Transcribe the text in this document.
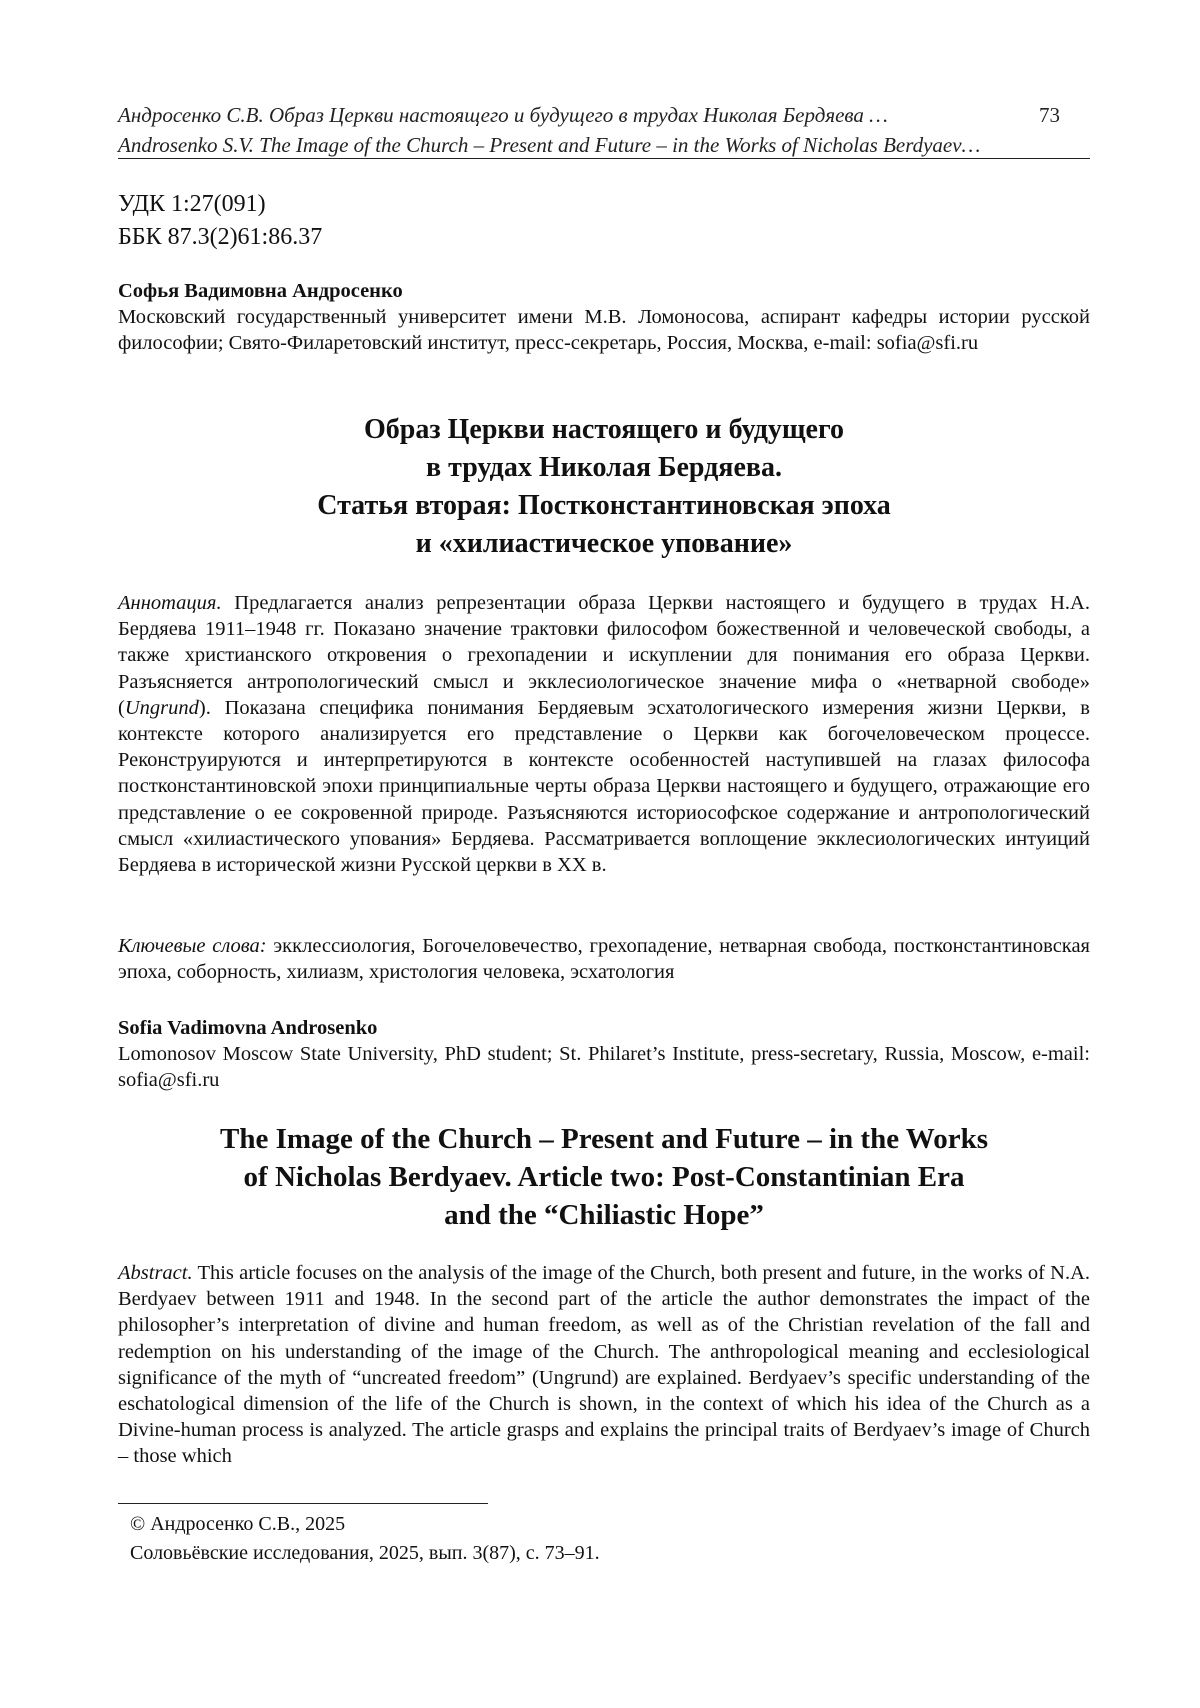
Андросенко С.В. Образ Церкви настоящего и будущего в трудах Николая Бердяева …	73
Androsenko S.V. The Image of the Church – Present and Future – in the Works of Nicholas Berdyaev…
УДК 1:27(091)
ББК 87.3(2)61:86.37
Софья Вадимовна Андросенко
Московский государственный университет имени М.В. Ломоносова, аспирант кафедры истории русской философии; Свято-Филаретовский институт, пресс-секретарь, Россия, Москва, e-mail: sofia@sfi.ru
Образ Церкви настоящего и будущего
в трудах Николая Бердяева.
Статья вторая: Постконстантиновская эпоха
и «хилиастическое упование»
Аннотация. Предлагается анализ репрезентации образа Церкви настоящего и будущего в трудах Н.А. Бердяева 1911–1948 гг. Показано значение трактовки философом божественной и человеческой свободы, а также христианского откровения о грехопадении и искуплении для понимания его образа Церкви. Разъясняется антропологический смысл и экклесиологическое значение мифа о «нетварной свободе» (Ungrund). Показана специфика понимания Бердяевым эсхатологического измерения жизни Церкви, в контексте которого анализируется его представление о Церкви как богочеловеческом процессе. Реконструируются и интерпретируются в контексте особенностей наступившей на глазах философа постконстантиновской эпохи принципиальные черты образа Церкви настоящего и будущего, отражающие его представление о ее сокровенной природе. Разъясняются историософское содержание и антропологический смысл «хилиастического упования» Бердяева. Рассматривается воплощение экклесиологических интуиций Бердяева в исторической жизни Русской церкви в XX в.
Ключевые слова: экклессиология, Богочеловечество, грехопадение, нетварная свобода, постконстантиновская эпоха, соборность, хилиазм, христология человека, эсхатология
Sofia Vadimovna Androsenko
Lomonosov Moscow State University, PhD student; St. Philaret’s Institute, press-secretary, Russia, Moscow, e-mail: sofia@sfi.ru
The Image of the Church – Present and Future – in the Works
of Nicholas Berdyaev. Article two: Post-Constantinian Era
and the “Chiliastic Hope”
Abstract. This article focuses on the analysis of the image of the Church, both present and future, in the works of N.A. Berdyaev between 1911 and 1948. In the second part of the article the author demonstrates the impact of the philosopher’s interpretation of divine and human freedom, as well as of the Christian revelation of the fall and redemption on his understanding of the image of the Church. The anthropological meaning and ecclesiological significance of the myth of “uncreated freedom” (Ungrund) are explained. Berdyaev’s specific understanding of the eschatological dimension of the life of the Church is shown, in the context of which his idea of the Church as a Divine-human process is analyzed. The article grasps and explains the principal traits of Berdyaev’s image of Church – those which
© Андросенко С.В., 2025
Соловьёвские исследования, 2025, вып. 3(87), с. 73–91.
